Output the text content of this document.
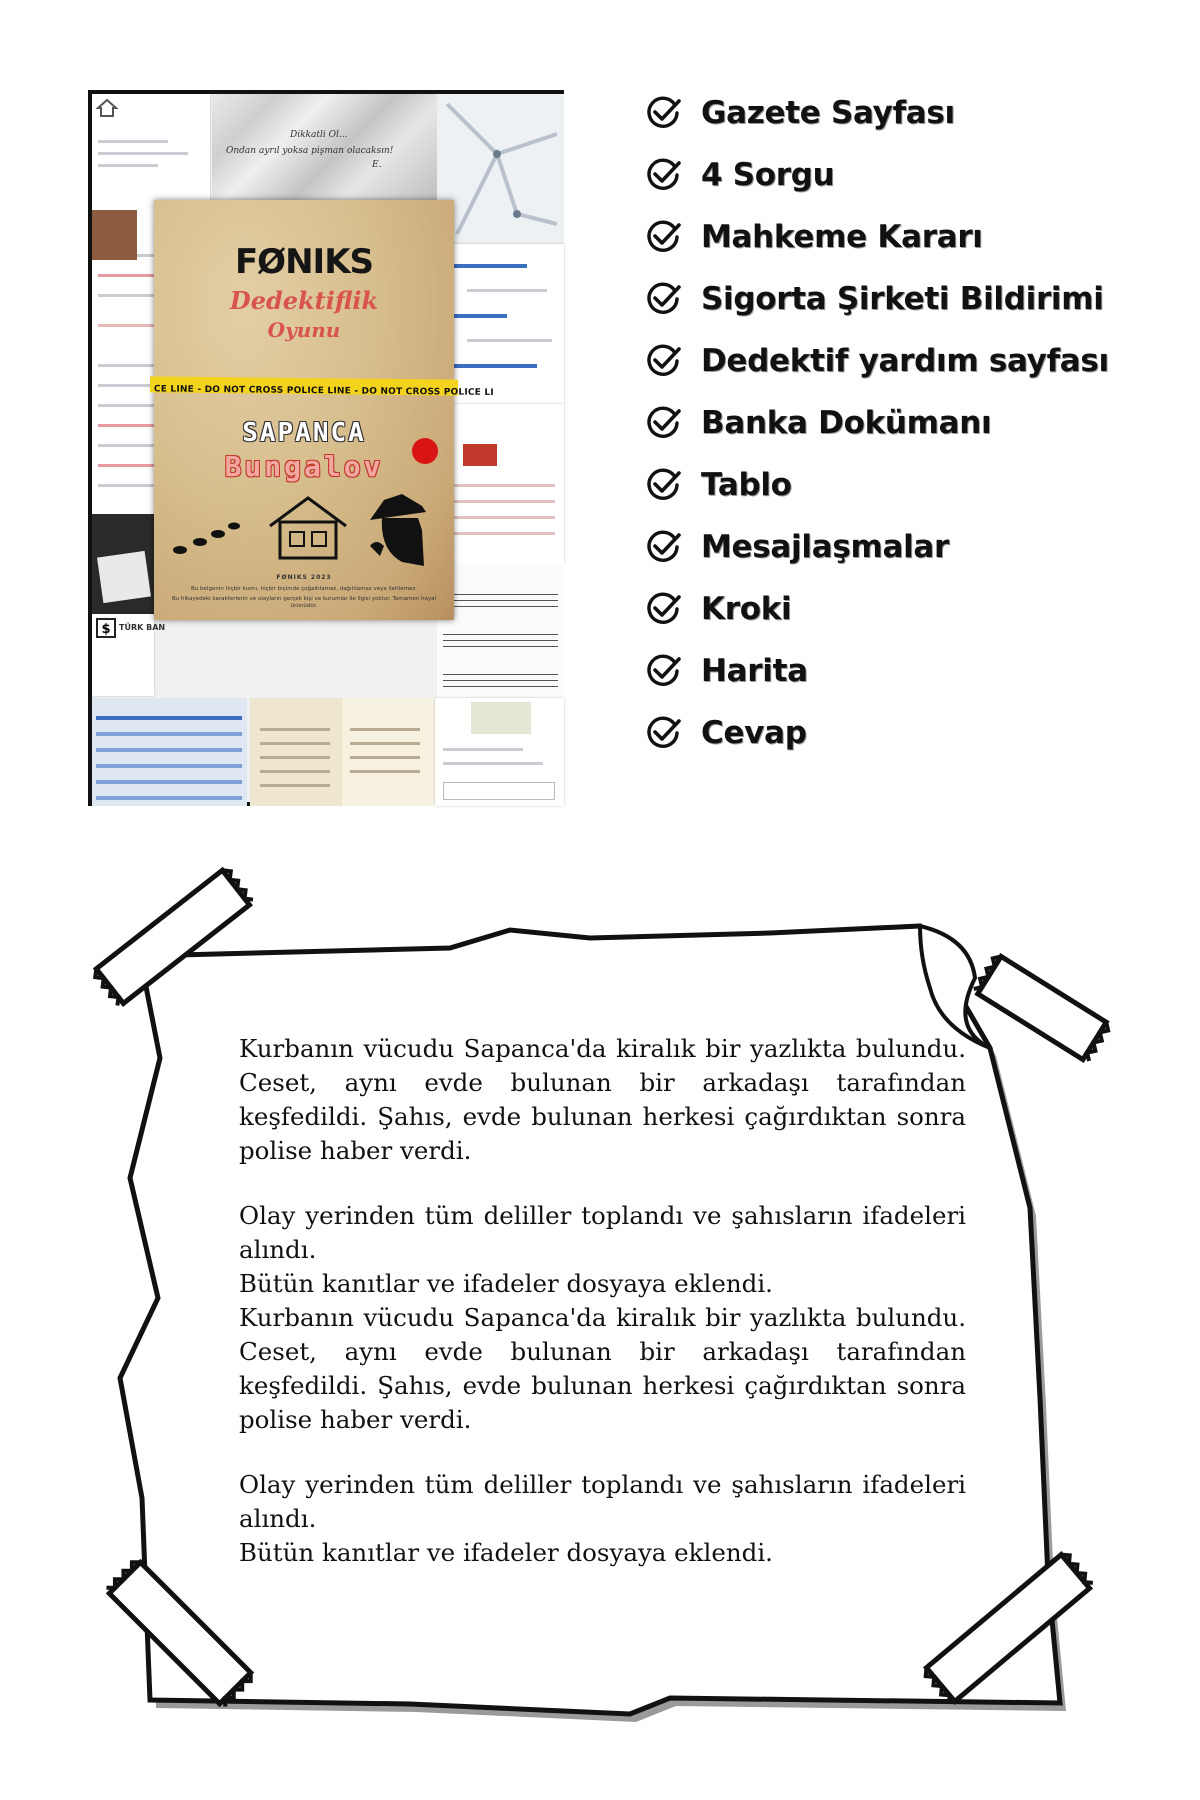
$ TÜRK BAN
Dikkatli Ol...
Ondan ayrıl yoksa pişman olacaksın!
E.
FØNIKS
Dedektiflik
Oyunu
CE LINE - DO NOT CROSS POLICE LINE - DO NOT CROSS POLICE LI
SAPANCA
Bungalov
FØNIKS 2023
Bu belgenin hiçbir kısmı, hiçbir biçimde çoğaltılamaz, dağıtılamaz veya iletilemez.
Bu hikayedeki karakterlerin ve olayların gerçek kişi ve kurumlar ile ilgisi yoktur. Tamamen hayal ürünüdür.
Gazete Sayfası
4 Sorgu
Mahkeme Kararı
Sigorta Şirketi Bildirimi
Dedektif yardım sayfası
Banka Dokümanı
Tablo
Mesajlaşmalar
Kroki
Harita
Cevap

Kurbanın vücudu Sapanca'da kiralık bir yazlıkta bulundu. Ceset, aynı evde bulunan bir arkadaşı tarafından keşfedildi. Şahıs, evde bulunan herkesi çağırdıktan sonra polise haber verdi.

Olay yerinden tüm deliller toplandı ve şahısların ifadeleri alındı.

Bütün kanıtlar ve ifadeler dosyaya eklendi.

Kurbanın vücudu Sapanca'da kiralık bir yazlıkta bulundu. Ceset, aynı evde bulunan bir arkadaşı tarafından keşfedildi. Şahıs, evde bulunan herkesi çağırdıktan sonra polise haber verdi.

Olay yerinden tüm deliller toplandı ve şahısların ifadeleri alındı.

Bütün kanıtlar ve ifadeler dosyaya eklendi.
